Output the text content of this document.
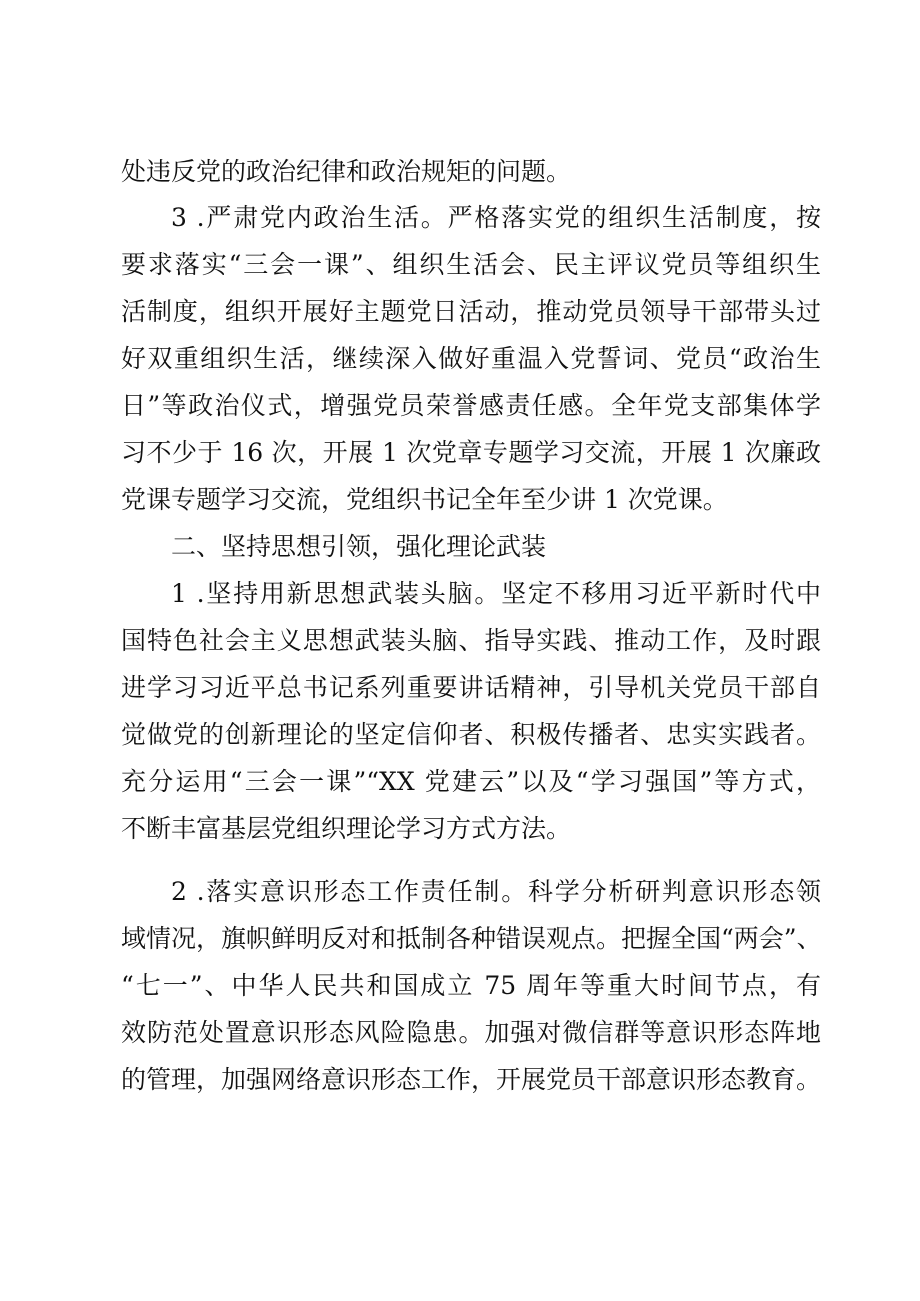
处违反党的政治纪律和政治规矩的问题。
3 .严肃党内政治生活。严格落实党的组织生活制度，按
要求落实“三会一课”、组织生活会、民主评议党员等组织生
活制度，组织开展好主题党日活动，推动党员领导干部带头过
好双重组织生活，继续深入做好重温入党誓词、党员“政治生
日”等政治仪式，增强党员荣誉感责任感。全年党支部集体学
习不少于 16 次，开展 1 次党章专题学习交流，开展 1 次廉政
党课专题学习交流，党组织书记全年至少讲 1 次党课。
二、坚持思想引领，强化理论武装
1 .坚持用新思想武装头脑。坚定不移用习近平新时代中
国特色社会主义思想武装头脑、指导实践、推动工作，及时跟
进学习习近平总书记系列重要讲话精神，引导机关党员干部自
觉做党的创新理论的坚定信仰者、积极传播者、忠实实践者。
充分运用“三会一课”“XX 党建云”以及“学习强国”等方式，
不断丰富基层党组织理论学习方式方法。
2 .落实意识形态工作责任制。科学分析研判意识形态领
域情况，旗帜鲜明反对和抵制各种错误观点。把握全国“两会”、
“七一”、中华人民共和国成立 75 周年等重大时间节点，有
效防范处置意识形态风险隐患。加强对微信群等意识形态阵地
的管理，加强网络意识形态工作，开展党员干部意识形态教育。
